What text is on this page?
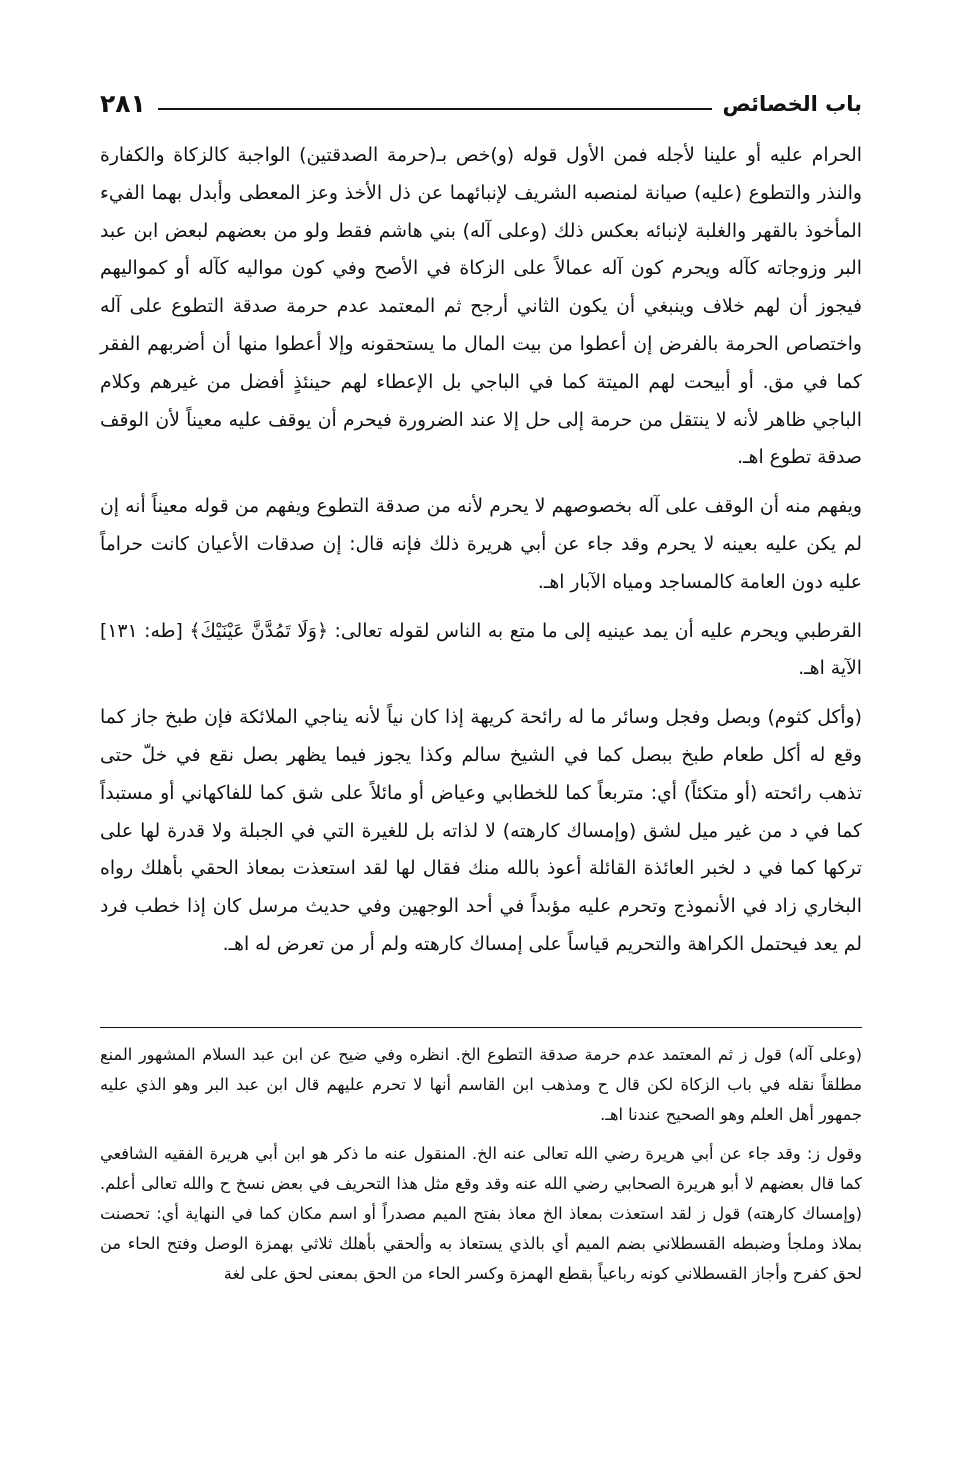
باب الخصائص
٢٨١

الحرام عليه أو علينا لأجله فمن الأول قوله (و)خص بـ(حرمة الصدقتين) الواجبة كالزكاة والكفارة والنذر والتطوع (عليه) صيانة لمنصبه الشريف لإنبائهما عن ذل الأخذ وعز المعطى وأبدل بهما الفيء المأخوذ بالقهر والغلبة لإنبائه بعكس ذلك (وعلى آله) بني هاشم فقط ولو من بعضهم لبعض ابن عبد البر وزوجاته كآله ويحرم كون آله عمالاً على الزكاة في الأصح وفي كون مواليه كآله أو كمواليهم فيجوز أن لهم خلاف وينبغي أن يكون الثاني أرجح ثم المعتمد عدم حرمة صدقة التطوع على آله واختصاص الحرمة بالفرض إن أعطوا من بيت المال ما يستحقونه وإلا أعطوا منها أن أضربهم الفقر كما في مق. أو أبيحت لهم الميتة كما في الباجي بل الإعطاء لهم حينئذٍ أفضل من غيرهم وكلام الباجي ظاهر لأنه لا ينتقل من حرمة إلى حل إلا عند الضرورة فيحرم أن يوقف عليه معيناً لأن الوقف صدقة تطوع اهـ.

ويفهم منه أن الوقف على آله بخصوصهم لا يحرم لأنه من صدقة التطوع ويفهم من قوله معيناً أنه إن لم يكن عليه بعينه لا يحرم وقد جاء عن أبي هريرة ذلك فإنه قال: إن صدقات الأعيان كانت حراماً عليه دون العامة كالمساجد ومياه الآبار اهـ.

القرطبي ويحرم عليه أن يمد عينيه إلى ما متع به الناس لقوله تعالى: ﴿وَلَا تَمُدَّنَّ عَيْنَيْكَ﴾ [طه: ١٣١] الآية اهـ.

(وأكل كثوم) وبصل وفجل وسائر ما له رائحة كريهة إذا كان نياً لأنه يناجي الملائكة فإن طبخ جاز كما وقع له أكل طعام طبخ ببصل كما في الشيخ سالم وكذا يجوز فيما يظهر بصل نقع في خلّ حتى تذهب رائحته (أو متكئاً) أي: متربعاً كما للخطابي وعياض أو مائلاً على شق كما للفاكهاني أو مستبداً كما في د من غير ميل لشق (وإمساك كارهته) لا لذاته بل للغيرة التي في الجبلة ولا قدرة لها على تركها كما في د لخبر العائذة القائلة أعوذ بالله منك فقال لها لقد استعذت بمعاذ الحقي بأهلك رواه البخاري زاد في الأنموذج وتحرم عليه مؤبداً في أحد الوجهين وفي حديث مرسل كان إذا خطب فرد لم يعد فيحتمل الكراهة والتحريم قياساً على إمساك كارهته ولم أر من تعرض له اهـ.

(وعلى آله) قول ز ثم المعتمد عدم حرمة صدقة التطوع الخ. انظره وفي ضيح عن ابن عبد السلام المشهور المنع مطلقاً نقله في باب الزكاة لكن قال ح ومذهب ابن القاسم أنها لا تحرم عليهم قال ابن عبد البر وهو الذي عليه جمهور أهل العلم وهو الصحيح عندنا اهـ.

وقول ز: وقد جاء عن أبي هريرة رضي الله تعالى عنه الخ. المنقول عنه ما ذكر هو ابن أبي هريرة الفقيه الشافعي كما قال بعضهم لا أبو هريرة الصحابي رضي الله عنه وقد وقع مثل هذا التحريف في بعض نسخ ح والله تعالى أعلم. (وإمساك كارهته) قول ز لقد استعذت بمعاذ الخ معاذ بفتح الميم مصدراً أو اسم مكان كما في النهاية أي: تحصنت بملاذ وملجأ وضبطه القسطلاني بضم الميم أي بالذي يستعاذ به وألحقي بأهلك ثلاثي بهمزة الوصل وفتح الحاء من لحق كفرح وأجاز القسطلاني كونه رباعياً بقطع الهمزة وكسر الحاء من الحق بمعنى لحق على لغة
